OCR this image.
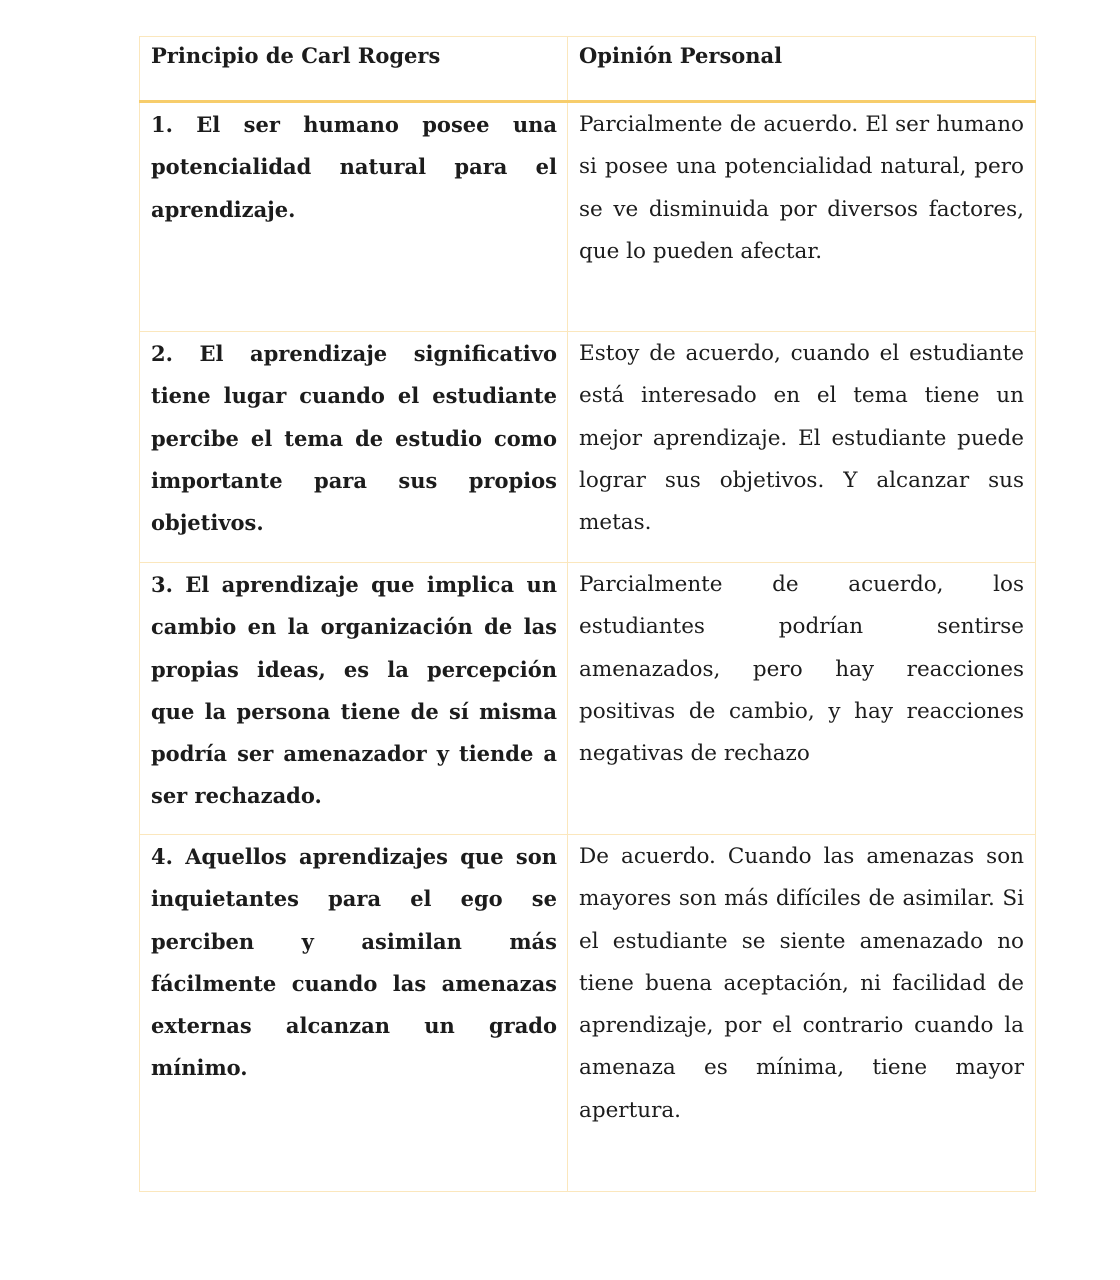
Principio de Carl Rogers	Opinión Personal
1. El ser humano posee una potencialidad natural para el aprendizaje.	Parcialmente de acuerdo. El ser humano si posee una potencialidad natural, pero se ve disminuida por diversos factores, que lo pueden afectar.
2. El aprendizaje significativo tiene lugar cuando el estudiante percibe el tema de estudio como importante para sus propios objetivos.	Estoy de acuerdo, cuando el estudiante está interesado en el tema tiene un mejor aprendizaje. El estudiante puede lograr sus objetivos. Y alcanzar sus metas.
3. El aprendizaje que implica un cambio en la organización de las propias ideas, es la percepción que la persona tiene de sí misma podría ser amenazador y tiende a ser rechazado.	Parcialmente de acuerdo, los estudiantes podrían sentirse amenazados, pero hay reacciones positivas de cambio, y hay reacciones negativas de rechazo
4. Aquellos aprendizajes que son inquietantes para el ego se perciben y asimilan más fácilmente cuando las amenazas externas alcanzan un grado mínimo.	De acuerdo. Cuando las amenazas son mayores son más difíciles de asimilar. Si el estudiante se siente amenazado no tiene buena aceptación, ni facilidad de aprendizaje, por el contrario cuando la amenaza es mínima, tiene mayor apertura.
